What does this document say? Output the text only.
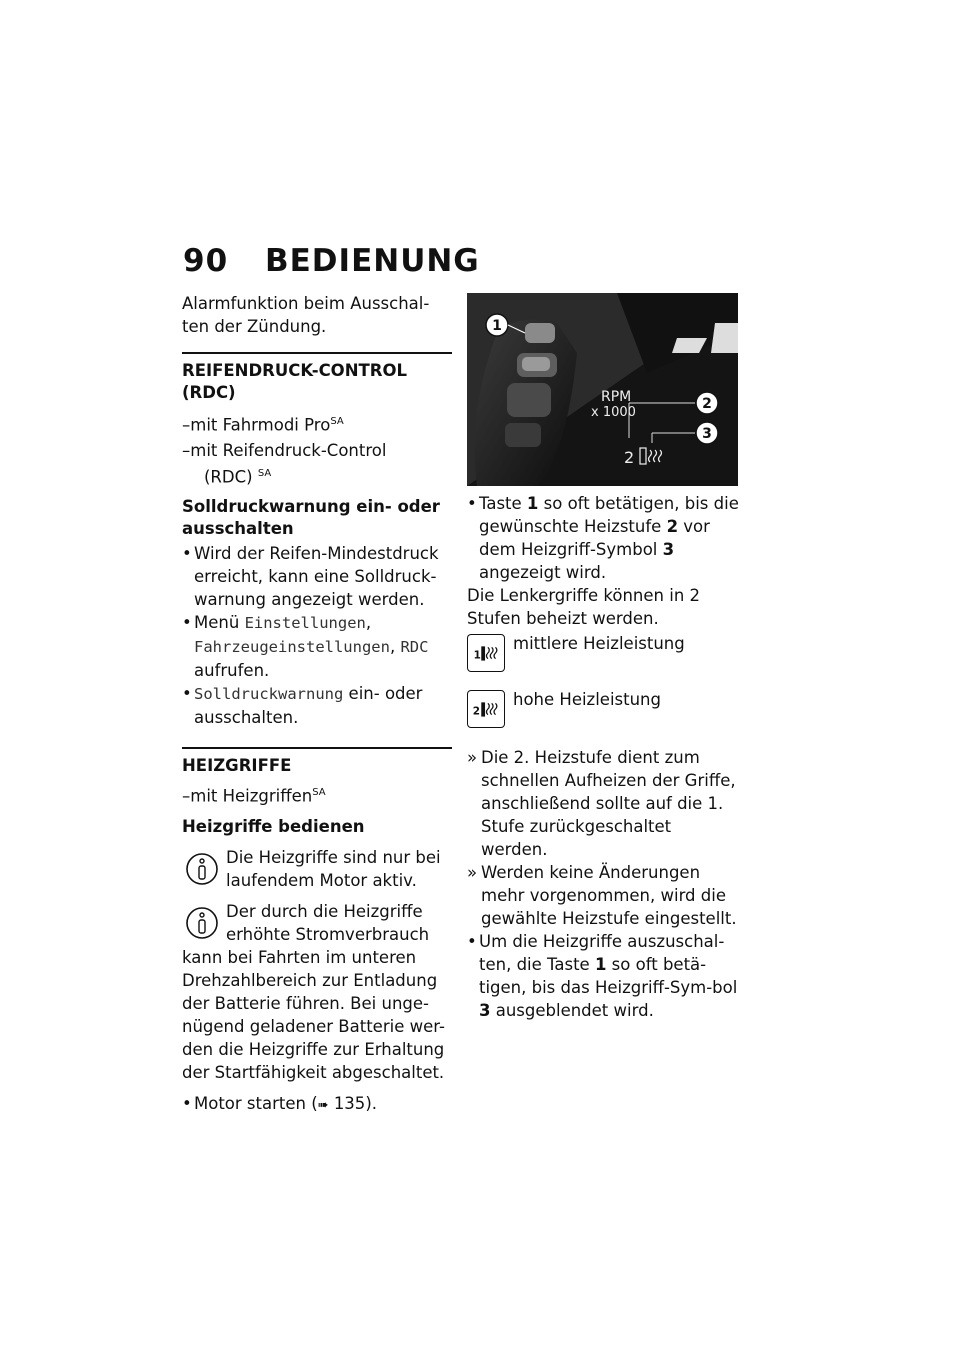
90 BEDIENUNG

Alarmfunktion beim Ausschal-ten der Zündung.

REIFENDRUCK-CONTROL (RDC)

–mit Fahrmodi Pro$^{SA}$

–mit Reifendruck-Control

(RDC) $^{SA}$

Solldruckwarnung ein- oder ausschalten

• Wird der Reifen-Mindestdruck erreicht, kann eine Solldruck-warnung angezeigt werden.

• Menü Einstellungen, Fahrzeugeinstellungen, RDC aufrufen.

• Solldruckwarnung ein- oder ausschalten.

HEIZGRIFFE

–mit Heizgriffen$^{SA}$

Heizgriffe bedienen

Die Heizgriffe sind nur bei laufendem Motor aktiv.

Der durch die Heizgriffe erhöhte Stromverbrauch

kann bei Fahrten im unteren Drehzahlbereich zur Entladung der Batterie führen. Bei unge-nügend geladener Batterie wer-den die Heizgriffe zur Erhaltung der Startfähigkeit abgeschaltet.

• Motor starten (➠ 135).

1
RPM
x 1000
2
3
2

• Taste 1 so oft betätigen, bis die gewünschte Heizstufe 2 vor dem Heizgriff-Symbol 3 angezeigt wird.

Die Lenkergriffe können in 2 Stufen beheizt werden.

1

mittlere Heizleistung

2

hohe Heizleistung

» Die 2. Heizstufe dient zum schnellen Aufheizen der Griffe, anschließend sollte auf die 1. Stufe zurückgeschaltet werden.

» Werden keine Änderungen mehr vorgenommen, wird die gewählte Heizstufe eingestellt.

• Um die Heizgriffe auszuschal-ten, die Taste 1 so oft betä-tigen, bis das Heizgriff-Sym-bol 3 ausgeblendet wird.
